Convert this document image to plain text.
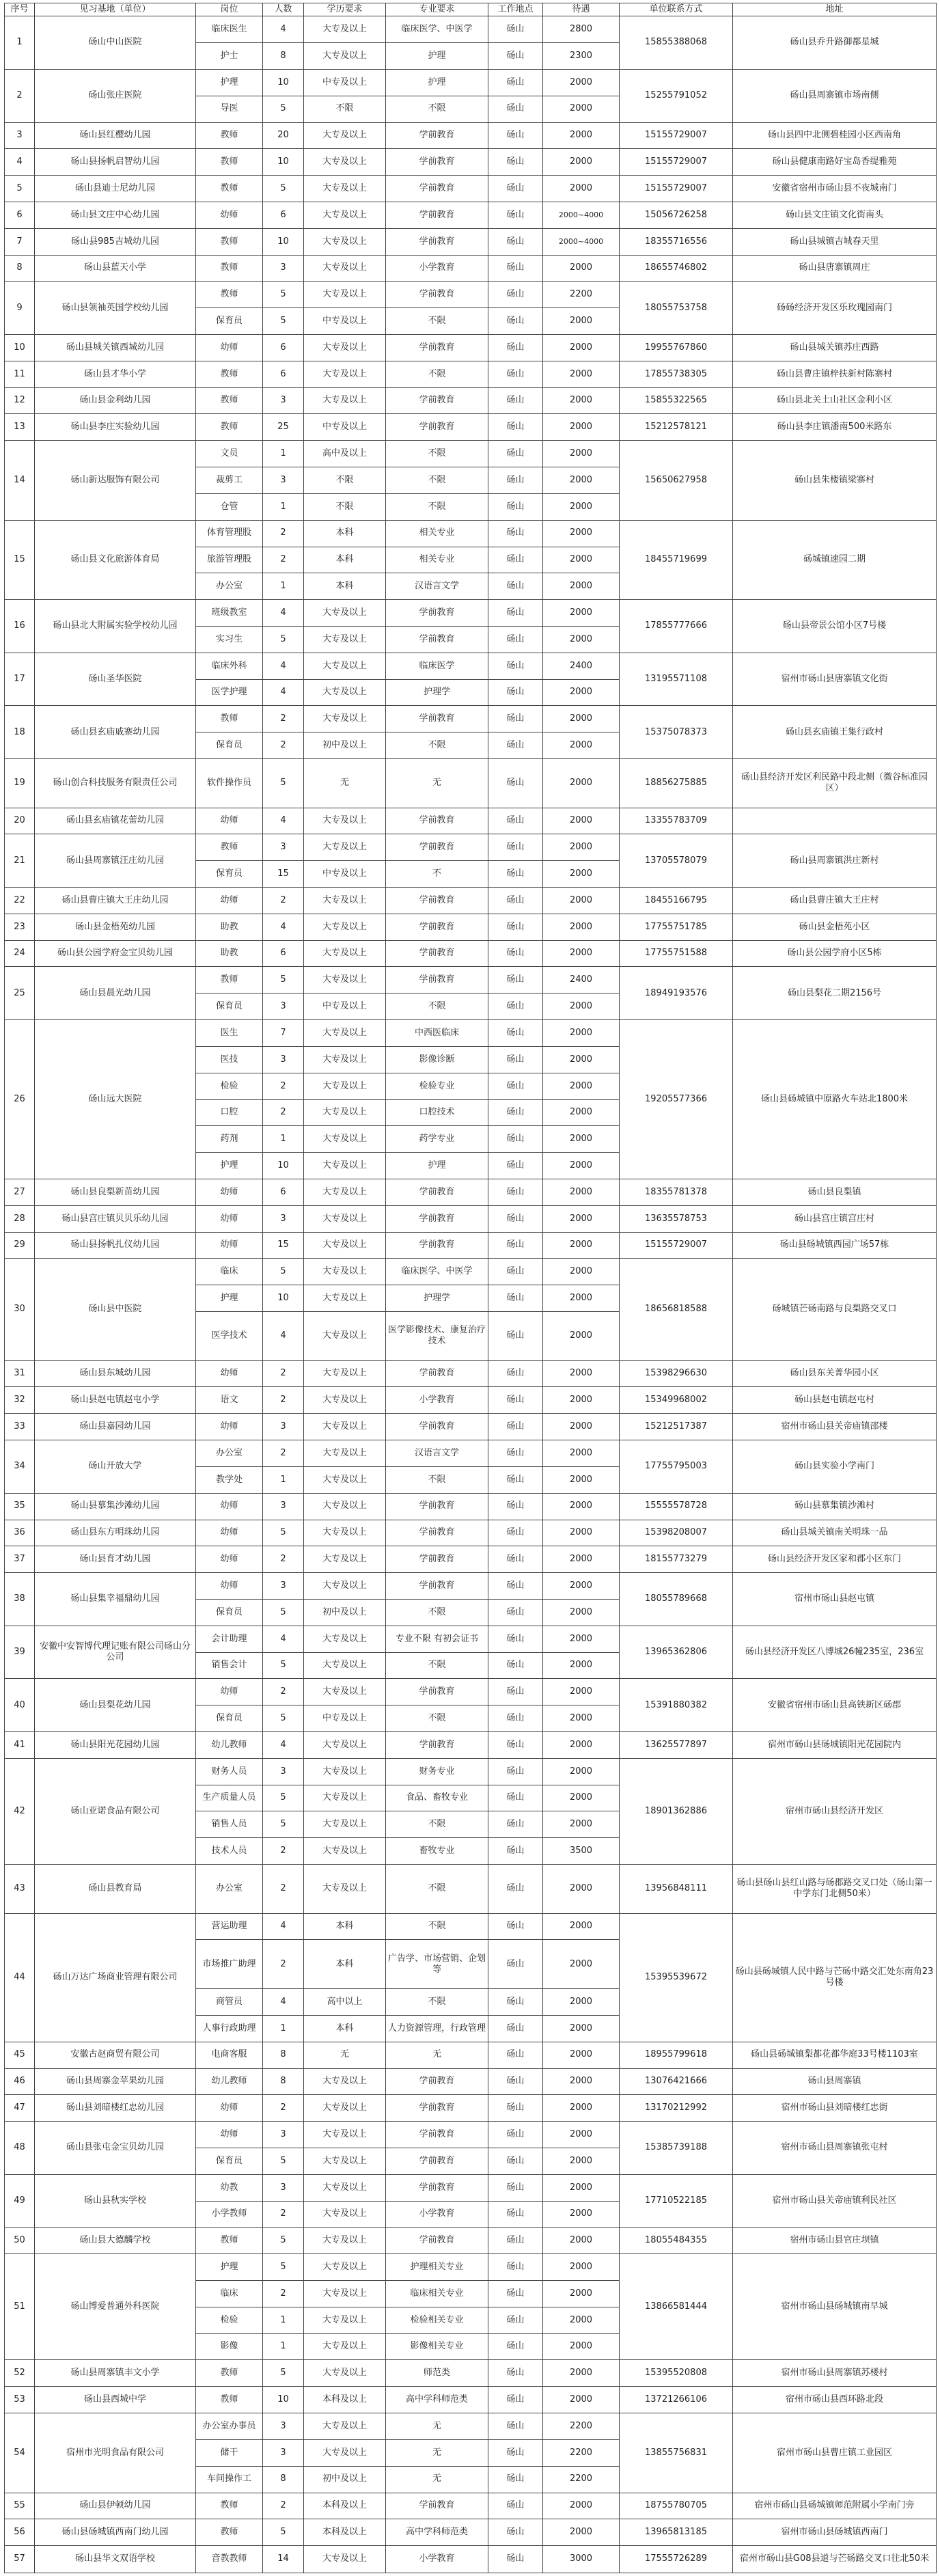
序号	见习基地（单位）	岗位	人数	学历要求	专业要求	工作地点	待遇	单位联系方式	地址
1	砀山中山医院	临床医生	4	大专及以上	临床医学、中医学	砀山	2800	15855388068	砀山县乔升路御都星城
		护士	8	大专及以上	护理	砀山	2300		
2	砀山张庄医院	护理	10	中专及以上	护理	砀山	2000	15255791052	砀山县周寨镇市场南侧
		导医	5	不限	不限	砀山	2000		
3	砀山县红樱幼儿园	教师	20	大专及以上	学前教育	砀山	2000	15155729007	砀山县四中北侧碧桂园小区西南角
4	砀山县扬帆启智幼儿园	教师	10	大专及以上	学前教育	砀山	2000	15155729007	砀山县健康南路好宝岛香缇雅苑
5	砀山县迪士尼幼儿园	教师	5	大专及以上	学前教育	砀山	2000	15155729007	安徽省宿州市砀山县不夜城南门
6	砀山县文庄中心幼儿园	幼师	6	大专及以上	学前教育	砀山	2000~4000	15056726258	砀山县文庄镇文化街南头
7	砀山县985吉城幼儿园	教师	10	大专及以上	学前教育	砀山	2000~4000	18355716556	砀山县城镇吉城春天里
8	砀山县蓝天小学	教师	3	大专及以上	小学教育	砀山	2000	18655746802	砀山县唐寨镇周庄
9	砀山县领袖英国学校幼儿园	教师	5	大专及以上	学前教育	砀山	2200	18055753758	砀砀经济开发区乐玫瑰园南门
		保育员	5	中专及以上	不限	砀山	2000		
10	砀山县城关镇西城幼儿园	幼师	6	大专及以上	学前教育	砀山	2000	19955767860	砀山县城关镇苏庄西路
11	砀山县才华小学	教师	6	大专及以上	不限	砀山	2000	17855738305	砀山县曹庄镇梓扶新村陈寨村
12	砀山县金利幼儿园	教师	3	大专及以上	学前教育	砀山	2000	15855322565	砀山县北关土山社区金利小区
13	砀山县李庄实验幼儿园	教师	25	中专及以上	学前教育	砀山	2000	15212578121	砀山县李庄镇潘南500米路东
14	砀山新达服饰有限公司	文员	1	高中及以上	不限	砀山	2000	15650627958	砀山县朱楼镇梁寨村
		裁剪工	3	不限	不限	砀山	2000		
		仓管	1	不限	不限	砀山	2000		
15	砀山县文化旅游体育局	体育管理股	2	本科	相关专业	砀山	2000	18455719699	砀城镇速园二期
		旅游管理股	2	本科	相关专业	砀山	2000		
		办公室	1	本科	汉语言文学	砀山	2000		
16	砀山县北大附属实验学校幼儿园	班级教室	4	大专及以上	学前教育	砀山	2000	17855777666	砀山县帝景公馆小区7号楼
		实习生	5	大专及以上	学前教育	砀山	2000		
17	砀山圣华医院	临床外科	4	大专及以上	临床医学	砀山	2400	13195571108	宿州市砀山县唐寨镇文化街
		医学护理	4	大专及以上	护理学	砀山	2000		
18	砀山县玄庙戚寨幼儿园	教师	2	大专及以上	学前教育	砀山	2000	15375078373	砀山县玄庙镇王集行政村
		保育员	2	初中及以上	不限	砀山	2000		
19	砀山创合科技服务有限责任公司	软件操作员	5	无	无	砀山	2000	18856275885	砀山县经济开发区利民路中段北侧（微谷标准园区）
20	砀山县玄庙镇花蕾幼儿园	幼师	4	大专及以上	学前教育	砀山	2000	13355783709	
21	砀山县周寨镇汪庄幼儿园	教师	3	大专及以上	学前教育	砀山	2000	13705578079	砀山县周寨镇洪庄新村
		保育员	15	中专及以上	不	砀山	2000		
22	砀山县曹庄镇大王庄幼儿园	幼师	2	大专及以上	学前教育	砀山	2000	18455166795	砀山县曹庄镇大王庄村
23	砀山县金梧苑幼儿园	助教	4	大专及以上	学前教育	砀山	2000	17755751785	砀山县金梧苑小区
24	砀山县公园学府金宝贝幼儿园	助教	6	大专及以上	学前教育	砀山	2000	17755751588	砀山县公园学府小区5栋
25	砀山县晨光幼儿园	教师	5	大专及以上	学前教育	砀山	2400	18949193576	砀山县梨花二期2156号
		保育员	3	中专及以上	不限	砀山	2000		
26	砀山远大医院	医生	7	大专及以上	中西医临床	砀山	2000	19205577366	砀山县砀城镇中原路火车站北1800米
		医技	3	大专及以上	影像诊断	砀山	2000		
		检验	2	大专及以上	检验专业	砀山	2000		
		口腔	2	大专及以上	口腔技术	砀山	2000		
		药剂	1	大专及以上	药学专业	砀山	2000		
		护理	10	大专及以上	护理	砀山	2000		
27	砀山县良梨新苗幼儿园	幼师	6	大专及以上	学前教育	砀山	2000	18355781378	砀山县良梨镇
28	砀山县宫庄镇贝贝乐幼儿园	幼师	3	大专及以上	学前教育	砀山	2000	13635578753	砀山县宫庄镇宫庄村
29	砀山县扬帆扎仪幼儿园	幼师	15	大专及以上	学前教育	砀山	2000	15155729007	砀山县砀城镇西园广场57栋
30	砀山县中医院	临床	5	大专及以上	临床医学、中医学	砀山	2000	18656818588	砀城镇芒砀南路与良梨路交叉口
		护理	10	大专及以上	护理学	砀山	2000		
		医学技术	4	大专及以上	医学影像技术、康复治疗技术	砀山	2000		
31	砀山县东城幼儿园	幼师	2	大专及以上	学前教育	砀山	2000	15398296630	砀山县东关菁华园小区
32	砀山县赵屯镇赵屯小学	语文	2	大专及以上	小学教育	砀山	2000	15349968002	砀山县赵屯镇赵屯村
33	砀山县嘉园幼儿园	幼师	3	大专及以上	学前教育	砀山	2000	15212517387	宿州市砀山县关帝庙镇邵楼
34	砀山开放大学	办公室	2	大专及以上	汉语言文学	砀山	2000	17755795003	砀山县实验小学南门
		教学处	1	大专及以上	不限	砀山	2000		
35	砀山县慕集沙滩幼儿园	幼师	3	大专及以上	学前教育	砀山	2000	15555578728	砀山县慕集镇沙滩村
36	砀山县东方明珠幼儿园	幼师	5	大专及以上	学前教育	砀山	2000	15398208007	砀山县城关镇南关明珠一品
37	砀山县育才幼儿园	幼师	2	大专及以上	学前教育	砀山	2000	18155773279	砀山县经济开发区家和郡小区东门
38	砀山县集幸福鼎幼儿园	幼师	3	大专及以上	学前教育	砀山	2000	18055789668	宿州市砀山县赵屯镇
		保育员	5	初中及以上	不限	砀山	2000		
39	安徽中安智博代理记账有限公司砀山分公司	会计助理	4	大专及以上	专业不限 有初会证书	砀山	2000	13965362806	砀山县经济开发区八博城26幢235室，236室
		销售会计	5	大专及以上	不限	砀山	2000		
40	砀山县梨花幼儿园	幼师	2	大专及以上	学前教育	砀山	2000	15391880382	安徽省宿州市砀山县高铁新区砀郡
		保育员	5	中专及以上	不限	砀山	2000		
41	砀山县阳光花园幼儿园	幼儿教师	4	大专及以上	学前教育	砀山	2000	13625577897	宿州市砀山县砀城镇阳光花园院内
42	砀山亚诺食品有限公司	财务人员	3	大专及以上	财务专业	砀山	2000	18901362886	宿州市砀山县经济开发区
		生产质量人员	5	大专及以上	食品、畜牧专业	砀山	2000		
		销售人员	5	大专及以上	不限	砀山	2000		
		技术人员	2	大专及以上	畜牧专业	砀山	3500		
43	砀山县教育局	办公室	2	大专及以上	不限	砀山	2000	13956848111	砀山县砀山县红山路与砀郡路交叉口处（砀山第一中学东门北侧50米）
44	砀山万达广场商业管理有限公司	营运助理	4	本科	不限	砀山	2000	15395539672	砀山县砀城镇人民中路与芒砀中路交汇处东南角23号楼
		市场推广助理	2	本科	广告学、市场营销、企划等	砀山	2000		
		商管员	4	高中以上	不限	砀山	2000		
		人事行政助理	1	本科	人力资源管理，行政管理	砀山	2000		
45	安徽古赵商贸有限公司	电商客服	8	无	无	砀山	2000	18955799618	砀山县砀城镇梨都花都华庭33号楼1103室
46	砀山县周寨金苹果幼儿园	幼儿教师	8	大专及以上	学前教育	砀山	2000	13076421666	砀山县周寨镇
47	砀山县刘暗楼红忠幼儿园	幼师	2	大专及以上	学前教育	砀山	2000	13170212992	宿州市砀山县刘暗楼红忠街
48	砀山县张屯金宝贝幼儿园	幼师	3	大专及以上	学前教育	砀山	2000	15385739188	宿州市砀山县周寨镇张屯村
		保育员	5	大专及以上	学前教育	砀山	2000		
49	砀山县秋实学校	幼教	3	大专及以上	学前教育	砀山	2000	17710522185	宿州市砀山县关帝庙镇利民社区
		小学教师	2	大专及以上	小学教育	砀山	2000		
50	砀山县大德麟学校	教师	5	大专及以上	学前教育	砀山	2000	18055484355	宿州市砀山县官庄坝镇
51	砀山博爱普通外科医院	护理	5	大专及以上	护理相关专业	砀山	2000	13866581444	宿州市砀山县砀城镇南早城
		临床	2	大专及以上	临床相关专业	砀山	2000		
		检验	1	大专及以上	检验相关专业	砀山	2000		
		影像	1	大专及以上	影像相关专业	砀山	2000		
52	砀山县周寨镇丰文小学	教师	5	大专及以上	师范类	砀山	2000	15395520808	宿州市砀山县周寨镇苏楼村
53	砀山县西城中学	教师	10	本科及以上	高中学科师范类	砀山	2000	13721266106	宿州市砀山县西环路北段
54	宿州市光明食品有限公司	办公室办事员	3	大专及以上	无	砀山	2200	13855756831	宿州市砀山县曹庄镇工业园区
		储干	3	大专及以上	无	砀山	2200		
		车间操作工	8	初中及以上	无	砀山	2200		
55	砀山县伊顿幼儿园	教师	2	本科及以上	学前教育	砀山	2000	18755780705	宿州市砀山县砀城镇师范附属小学南门旁
56	砀山县砀城镇西南门幼儿园	教师	5	本科及以上	高中学科师范类	砀山	2000	13965813185	宿州市砀山县砀城镇西南门
57	砀山县华文双语学校	音教教师	14	大专及以上	小学教育	砀山	3000	17555726289	宿州市砀山县G08县道与芒砀路交叉口往北50米
